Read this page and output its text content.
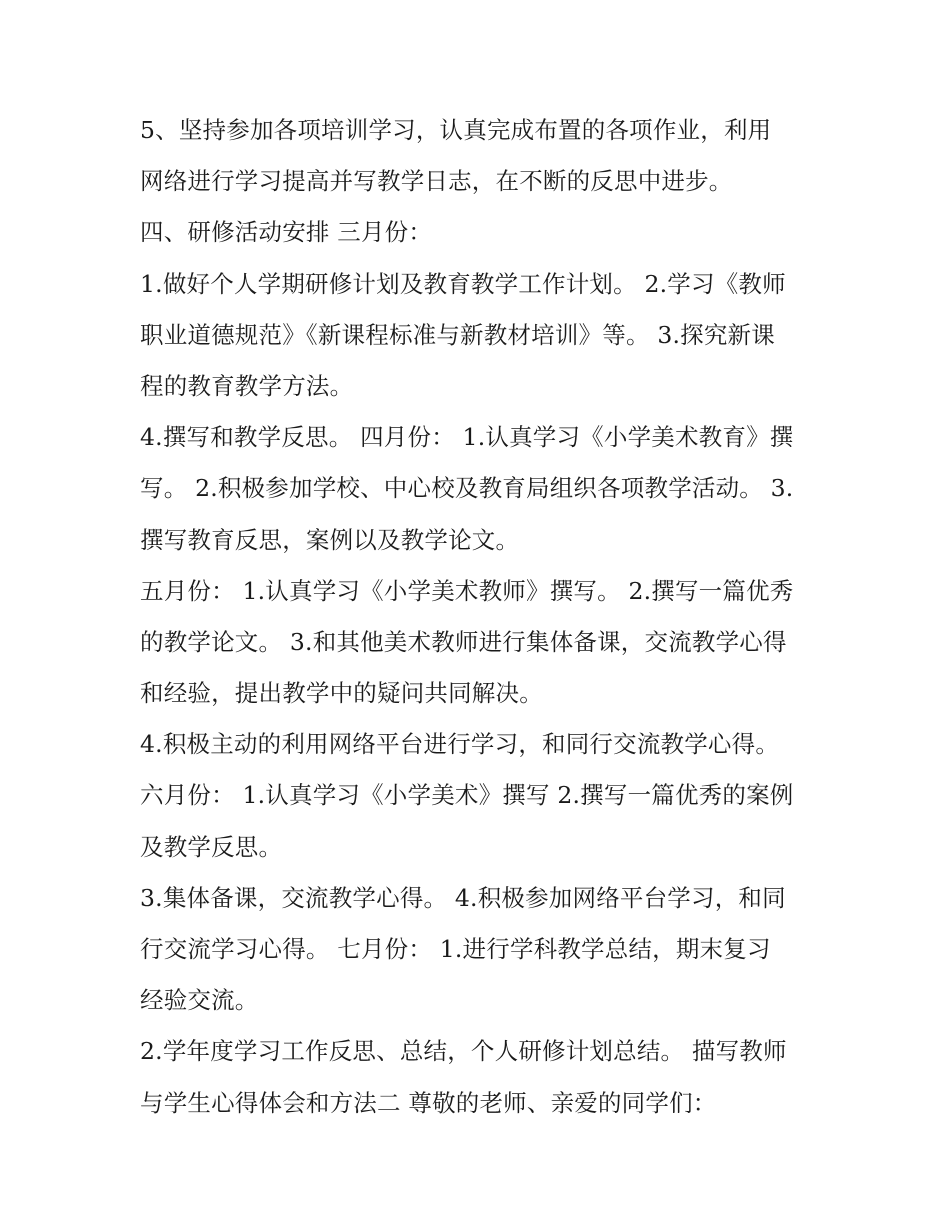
5、坚持参加各项培训学习，认真完成布置的各项作业，利用
网络进行学习提高并写教学日志，在不断的反思中进步。
四、研修活动安排 三月份：
1.做好个人学期研修计划及教育教学工作计划。 2.学习《教师
职业道德规范》《新课程标准与新教材培训》等。 3.探究新课
程的教育教学方法。
4.撰写和教学反思。 四月份： 1.认真学习《小学美术教育》撰
写。 2.积极参加学校、中心校及教育局组织各项教学活动。 3.
撰写教育反思，案例以及教学论文。
五月份： 1.认真学习《小学美术教师》撰写。 2.撰写一篇优秀
的教学论文。 3.和其他美术教师进行集体备课，交流教学心得
和经验，提出教学中的疑问共同解决。
4.积极主动的利用网络平台进行学习，和同行交流教学心得。
六月份： 1.认真学习《小学美术》撰写 2.撰写一篇优秀的案例
及教学反思。
3.集体备课，交流教学心得。 4.积极参加网络平台学习，和同
行交流学习心得。 七月份： 1.进行学科教学总结，期末复习
经验交流。
2.学年度学习工作反思、总结，个人研修计划总结。 描写教师
与学生心得体会和方法二 尊敬的老师、亲爱的同学们：
